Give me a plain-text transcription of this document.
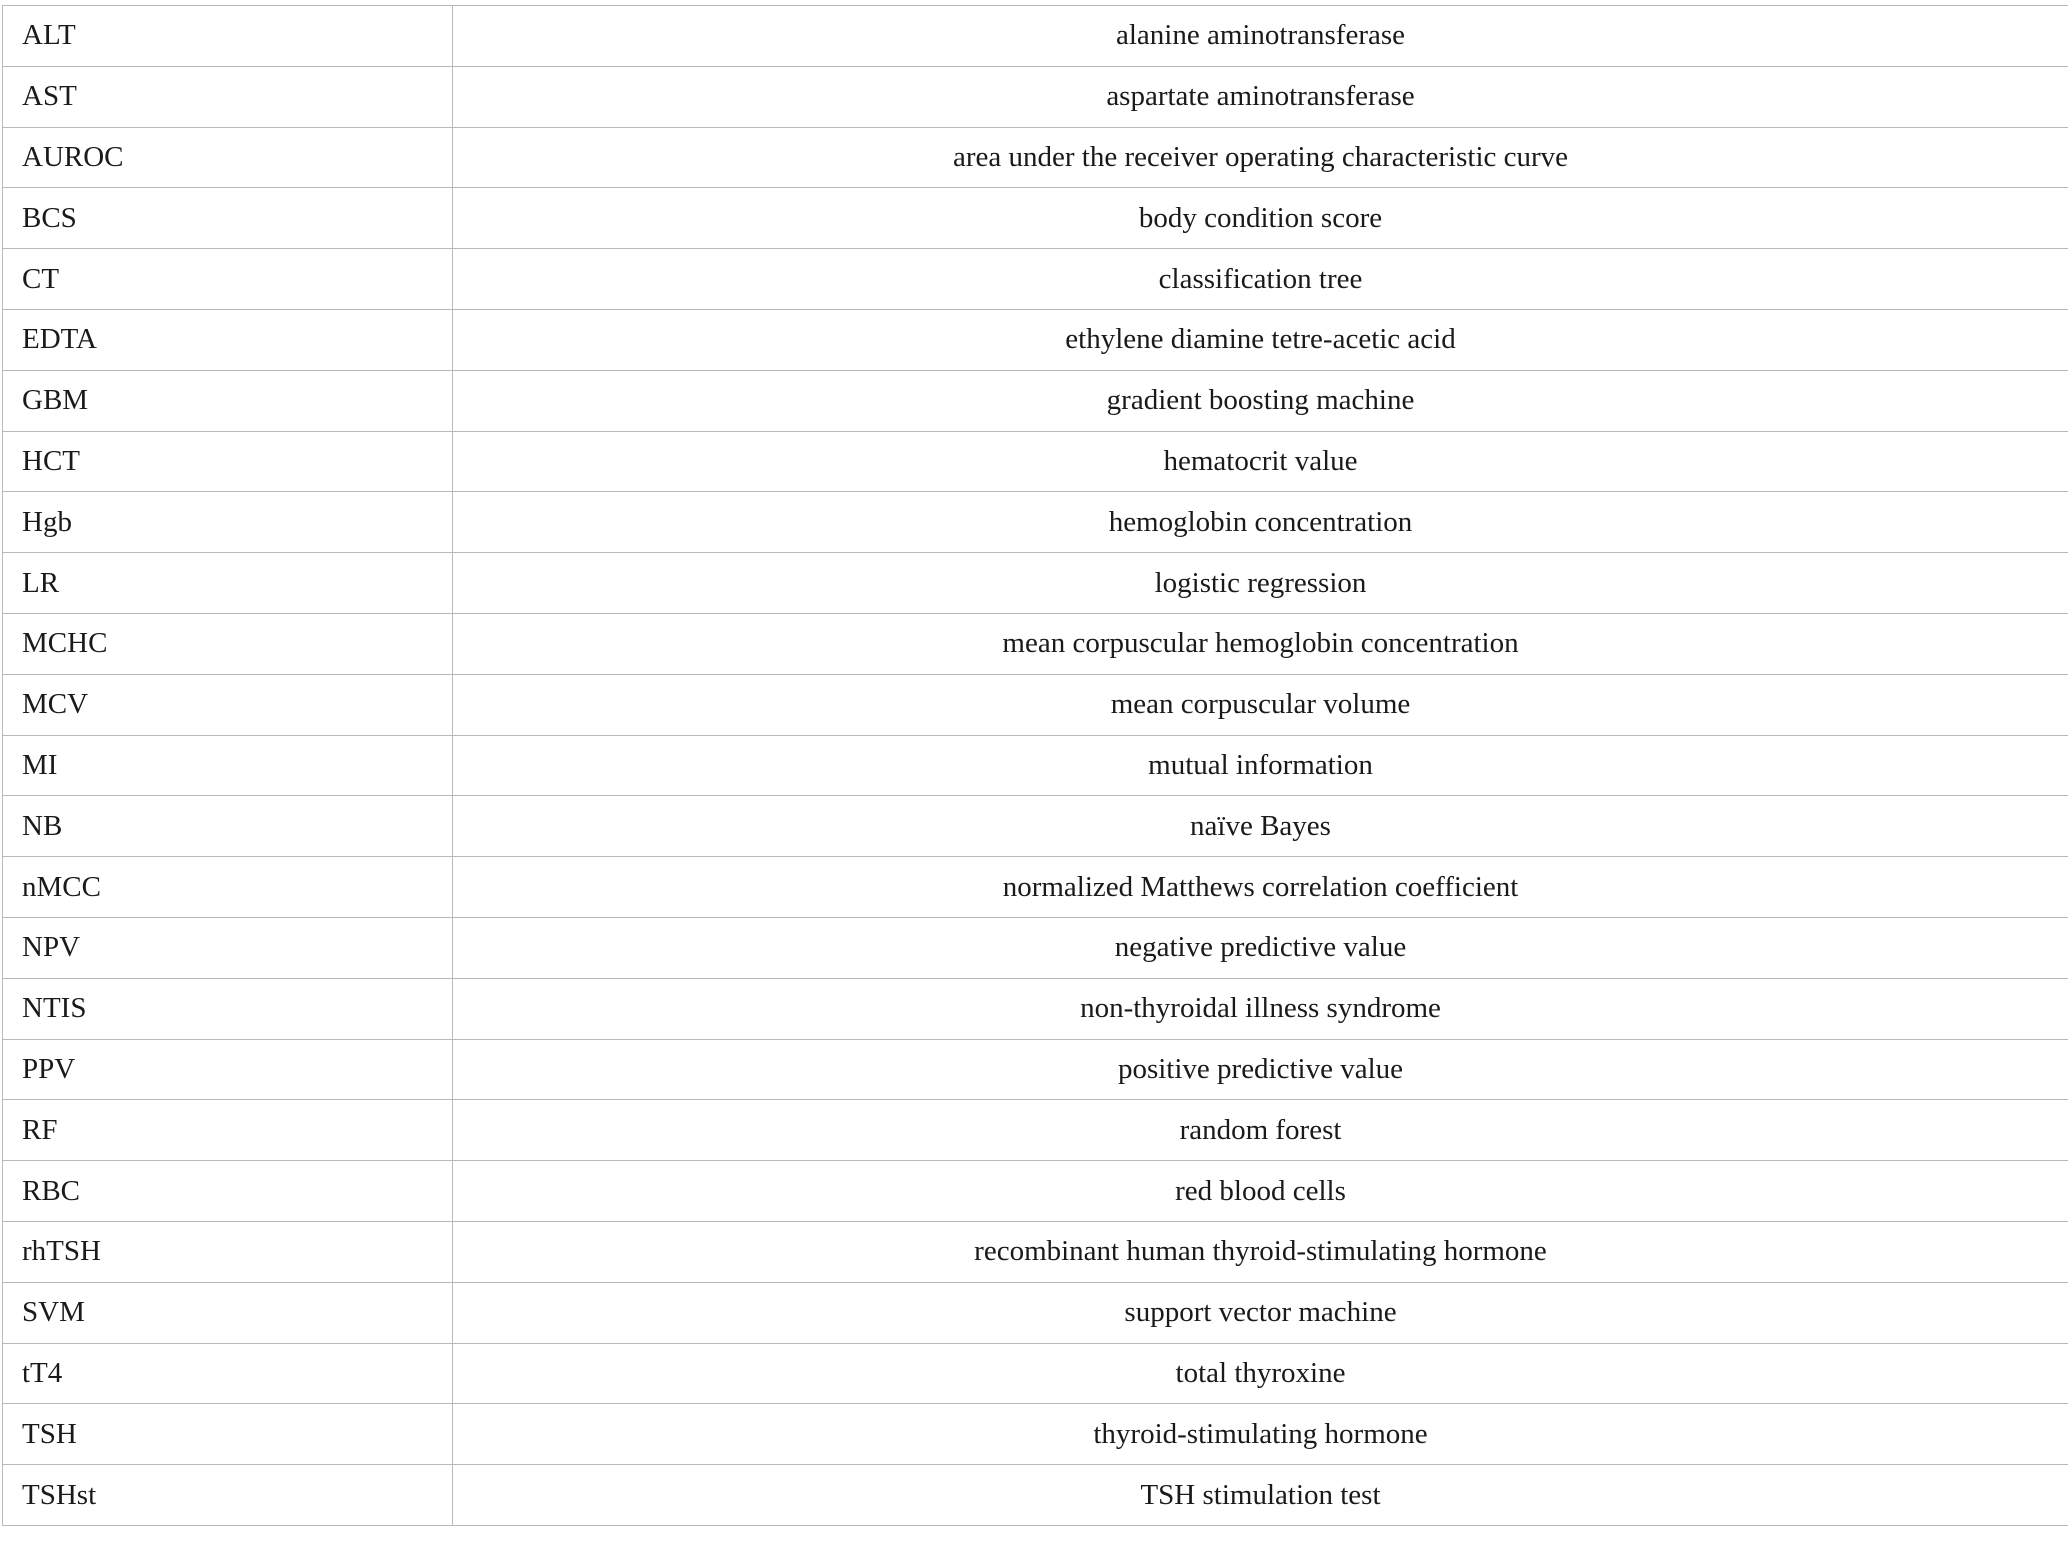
ALT	alanine aminotransferase
AST	aspartate aminotransferase
AUROC	area under the receiver operating characteristic curve
BCS	body condition score
CT	classification tree
EDTA	ethylene diamine tetre-acetic acid
GBM	gradient boosting machine
HCT	hematocrit value
Hgb	hemoglobin concentration
LR	logistic regression
MCHC	mean corpuscular hemoglobin concentration
MCV	mean corpuscular volume
MI	mutual information
NB	naïve Bayes
nMCC	normalized Matthews correlation coefficient
NPV	negative predictive value
NTIS	non-thyroidal illness syndrome
PPV	positive predictive value
RF	random forest
RBC	red blood cells
rhTSH	recombinant human thyroid-stimulating hormone
SVM	support vector machine
tT4	total thyroxine
TSH	thyroid-stimulating hormone
TSHst	TSH stimulation test
